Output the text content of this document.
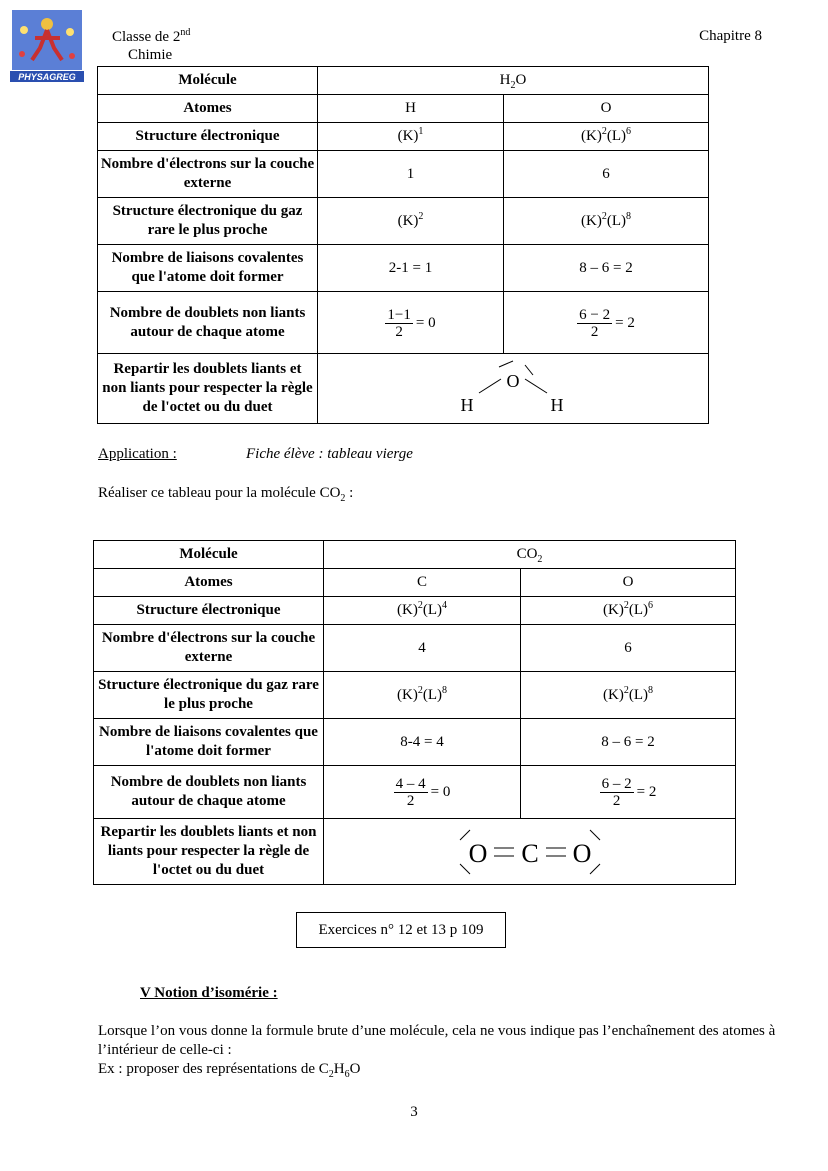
PHYSAGREG
Classe de 2nd
Chimie
Chapitre 8
Molécule	$H_2O$	
Atomes	H	O
Structure électronique	$(K)^1$	$(K)^2(L)^6$
Nombre d'électrons sur la couche externe	1	6
Structure électronique du gaz rare le plus proche	$(K)^2$	$(K)^2(L)^8$
Nombre de liaisons covalentes que l'atome doit former	2-1 = 1	8 – 6 = 2
Nombre de doublets non liants autour de chaque atome	$\frac{1-1}{2} = 0$	$\frac{6 - 2}{2} = 2$

Repartir les doublets liants et non liants pour respecter la règle de l'octet ou du duet	O
H H	
Application :	Fiche élève : tableau vierge
Réaliser ce tableau pour la molécule $CO_2$ :
Molécule	$CO_2$
Atomes	C	O
Structure électronique	$(K)^2(L)^4$	$(K)^2(L)^6$
Nombre d'électrons sur la couche externe	4	6
Structure électronique du gaz rare le plus proche	$(K)^2(L)^8$	$(K)^2(L)^8$
Nombre de liaisons covalentes que l'atome doit former	8-4 = 4	8 – 6 = 2
Nombre de doublets non liants autour de chaque atome	$\frac{4 - 4}{2} = 0$	$\frac{6 - 2}{2} = 2$

Repartir les doublets liants et non liants pour respecter la règle de l'octet ou du duet	O C O	
Exercices n° 12 et 13 p 109
V Notion d’isomérie :
Lorsque l’on vous donne la formule brute d’une molécule, cela ne vous indique pas l’enchaînement des atomes à l’intérieur de celle-ci :
Ex : proposer des représentations de $C_2H_6O$
3
